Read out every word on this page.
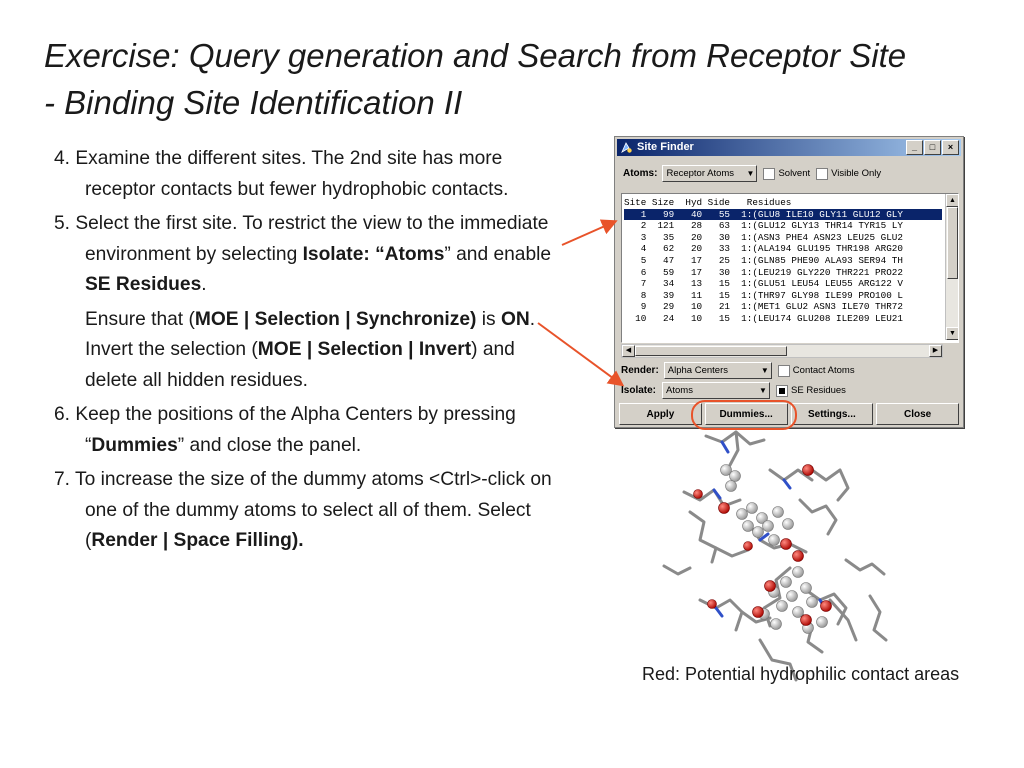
Exercise: Query generation and Search from Receptor Site
- Binding Site Identification II
4. Examine the different sites. The 2nd site has more receptor contacts but fewer hydrophobic contacts.
5. Select the first site. To restrict the view to the immediate environment by selecting Isolate: “Atoms” and enable SE Residues.
Ensure that (MOE | Selection | Synchronize) is ON. Invert the selection (MOE | Selection | Invert) and delete all hidden residues.
6. Keep the positions of the Alpha Centers by pressing “Dummies” and close the panel.
7. To increase the size of the dummy atoms <Ctrl>-click on one of the dummy atoms to select all of them. Select (Render | Space Filling).
Site Finder	_	□	×
Atoms: Receptor Atoms ▼	Solvent Visible Only
Site Size  Hyd Side   Residues
1   99   40   55  1:(GLU8 ILE10 GLY11 GLU12 GLY
2  121   28   63  1:(GLU12 GLY13 THR14 TYR15 LY
3   35   20   30  1:(ASN3 PHE4 ASN23 LEU25 GLU2
4   62   20   33  1:(ALA194 GLU195 THR198 ARG20
5   47   17   25  1:(GLN85 PHE90 ALA93 SER94 TH
6   59   17   30  1:(LEU219 GLY220 THR221 PRO22
7   34   13   15  1:(GLU51 LEU54 LEU55 ARG122 V
8   39   11   15  1:(THR97 GLY98 ILE99 PRO100 L
9   29   10   21  1:(MET1 GLU2 ASN3 ILE70 THR72
10   24   10   15  1:(LEU174 GLU208 ILE209 LEU21
▲
▼
◀	▶
Render: Alpha Centers	▼	Contact Atoms
Isolate: Atoms	▼	SE Residues
Apply	Dummies...	Settings...	Close
Red: Potential hydrophilic contact areas
